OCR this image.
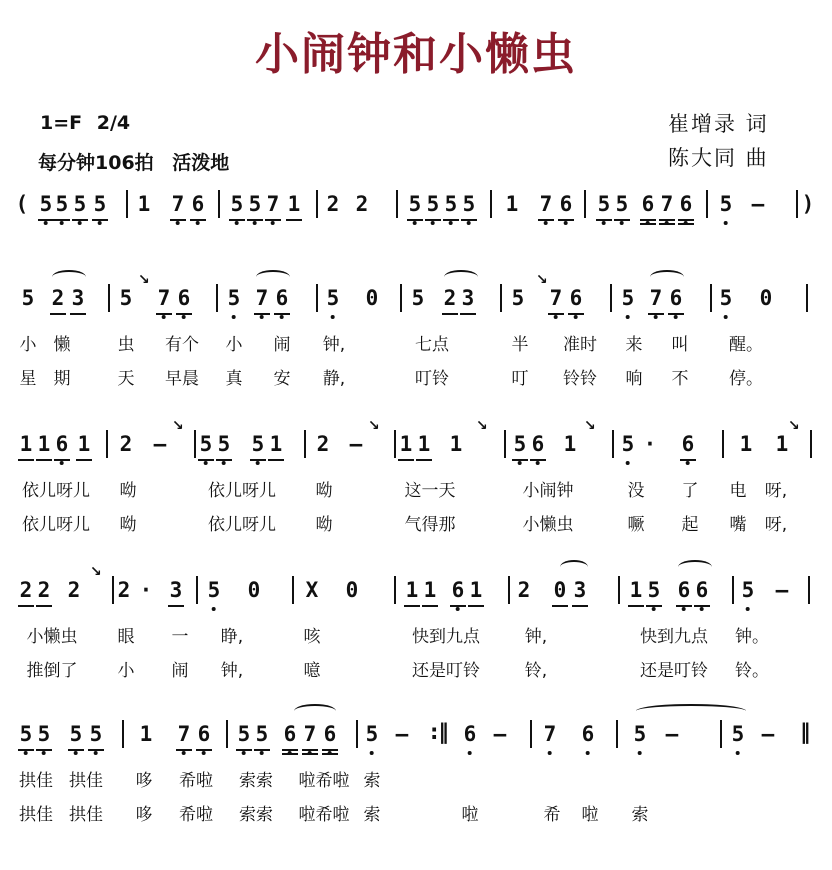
小闹钟和小懒虫
1=F 2/4
每分钟106拍 活泼地
崔增录 词
陈大同 曲
( 5 5 5 5 1 7 6 5 5 7 1 2 2 5 5 5 5 1 7 6 5 5 6 7 6 5 – )
5 2 3 5 7 6 5 7 6 5 0 5 2 3 5 7 6 5 7 6 5 0
小 懒	虫 有个 小 闹 钟,	七点	半 准时 来 叫 醒。
星 期	天 早晨 真 安 静,	叮铃	叮 铃铃 响 不 停。
1 1 6 1 2 – 5 5 5 1 2 – 1 1 1 5 6 1 5 · 6 1 1
依儿呀儿 呦	依儿呀儿 呦	这一天	小闹钟	没 了 电 呀,
依儿呀儿 呦	依儿呀儿 呦	气得那	小懒虫	噘 起 嘴 呀,
2 2 2 2 · 3 5 0 X 0 1 1 6 1 2 0 3 1 5 6 6 5 –
小懒虫 眼 一 睁,	咳	快到九点	钟,	快到九点 钟。
推倒了 小 闹 钟,	噫	还是叮铃	铃,	还是叮铃 铃。
5 5 5 5 1 7 6 5 5 6 7 6 5 –	6 – 7 6 5 –	5 –
拱佳 拱佳 哆 希啦 索索 啦希啦 索
拱佳 拱佳 哆 希啦 索索 啦希啦 索	啦	希 啦 索
↘	↘
↘	↘	↘	↘	↘
↘
:‖	‖
